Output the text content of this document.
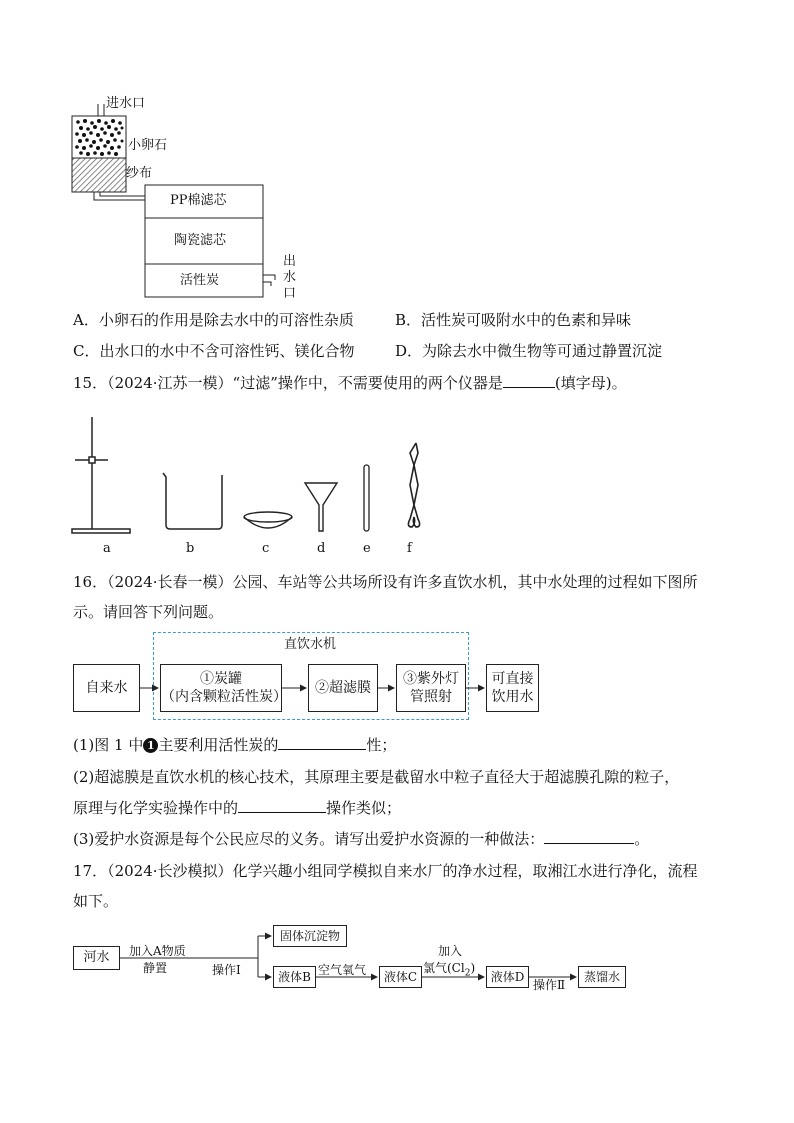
进水口
小卵石
纱布
PP棉滤芯
陶瓷滤芯
活性炭
出
水
口
A．小卵石的作用是除去水中的可溶性杂质	B．活性炭可吸附水中的色素和异味
C．出水口的水中不含可溶性钙、镁化合物	D．为除去水中微生物等可通过静置沉淀
15．（2024·江苏一模）“过滤”操作中，不需要使用的两个仪器是	(填字母)。
a	b	c	d	e	f
16．（2024·长春一模）公园、车站等公共场所设有许多直饮水机，其中水处理的过程如下图所
示。请回答下列问题。
直饮水机
自来水
①炭罐
（内含颗粒活性炭）
②超滤膜
③紫外灯
管照射
可直接
饮用水
(1)图 1 中 1 主要利用活性炭的	性；
(2)超滤膜是直饮水机的核心技术，其原理主要是截留水中粒子直径大于超滤膜孔隙的粒子，
原理与化学实验操作中的	操作类似；
(3)爱护水资源是每个公民应尽的义务。请写出爱护水资源的一种做法：	。
17．（2024·长沙模拟）化学兴趣小组同学模拟自来水厂的净水过程，取湘江水进行净化，流程
如下。
河水 加入A物质
静置	操作Ⅰ
固体沉淀物
液体B 空气氧气 液体C
加入
氯气$(Cl_2)$
液体D
操作Ⅱ
蒸馏水
